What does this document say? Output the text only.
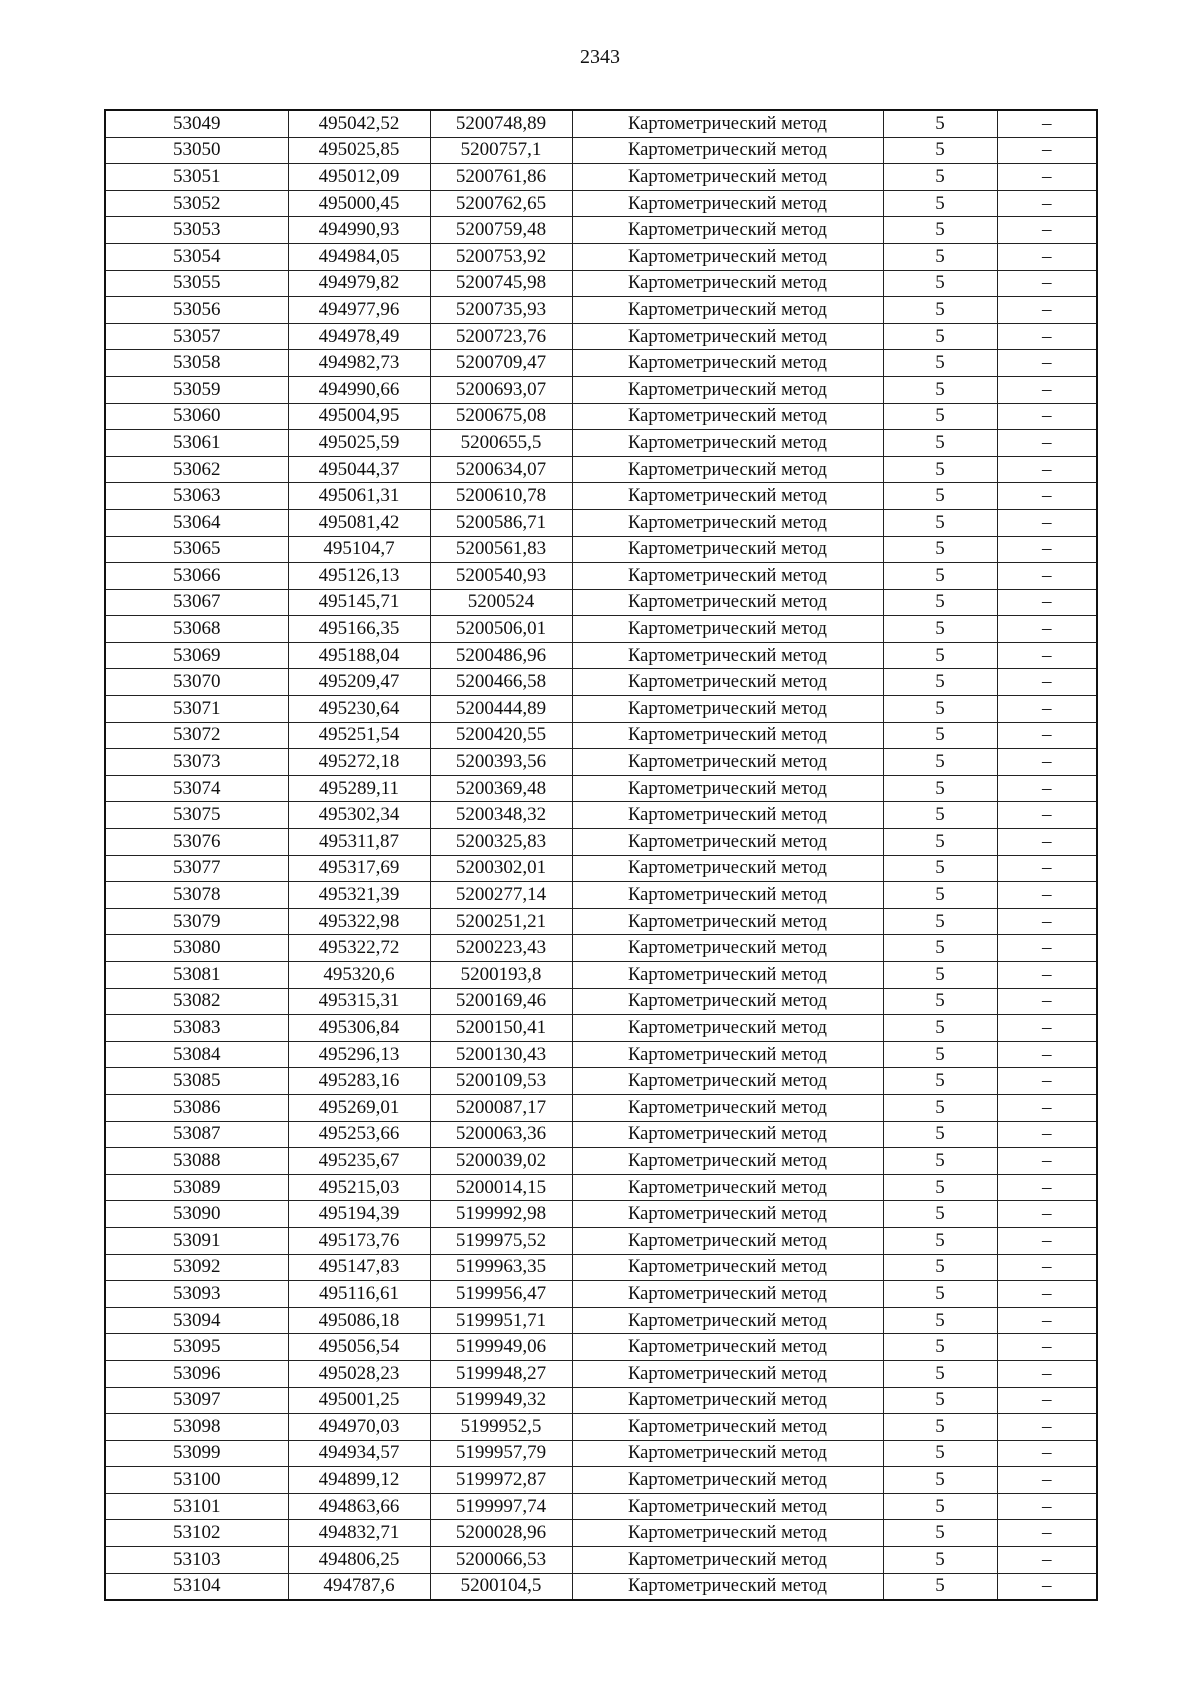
2343
53049	495042,52	5200748,89	Картометрический метод	5	–
53050	495025,85	5200757,1	Картометрический метод	5	–
53051	495012,09	5200761,86	Картометрический метод	5	–
53052	495000,45	5200762,65	Картометрический метод	5	–
53053	494990,93	5200759,48	Картометрический метод	5	–
53054	494984,05	5200753,92	Картометрический метод	5	–
53055	494979,82	5200745,98	Картометрический метод	5	–
53056	494977,96	5200735,93	Картометрический метод	5	–
53057	494978,49	5200723,76	Картометрический метод	5	–
53058	494982,73	5200709,47	Картометрический метод	5	–
53059	494990,66	5200693,07	Картометрический метод	5	–
53060	495004,95	5200675,08	Картометрический метод	5	–
53061	495025,59	5200655,5	Картометрический метод	5	–
53062	495044,37	5200634,07	Картометрический метод	5	–
53063	495061,31	5200610,78	Картометрический метод	5	–
53064	495081,42	5200586,71	Картометрический метод	5	–
53065	495104,7	5200561,83	Картометрический метод	5	–
53066	495126,13	5200540,93	Картометрический метод	5	–
53067	495145,71	5200524	Картометрический метод	5	–
53068	495166,35	5200506,01	Картометрический метод	5	–
53069	495188,04	5200486,96	Картометрический метод	5	–
53070	495209,47	5200466,58	Картометрический метод	5	–
53071	495230,64	5200444,89	Картометрический метод	5	–
53072	495251,54	5200420,55	Картометрический метод	5	–
53073	495272,18	5200393,56	Картометрический метод	5	–
53074	495289,11	5200369,48	Картометрический метод	5	–
53075	495302,34	5200348,32	Картометрический метод	5	–
53076	495311,87	5200325,83	Картометрический метод	5	–
53077	495317,69	5200302,01	Картометрический метод	5	–
53078	495321,39	5200277,14	Картометрический метод	5	–
53079	495322,98	5200251,21	Картометрический метод	5	–
53080	495322,72	5200223,43	Картометрический метод	5	–
53081	495320,6	5200193,8	Картометрический метод	5	–
53082	495315,31	5200169,46	Картометрический метод	5	–
53083	495306,84	5200150,41	Картометрический метод	5	–
53084	495296,13	5200130,43	Картометрический метод	5	–
53085	495283,16	5200109,53	Картометрический метод	5	–
53086	495269,01	5200087,17	Картометрический метод	5	–
53087	495253,66	5200063,36	Картометрический метод	5	–
53088	495235,67	5200039,02	Картометрический метод	5	–
53089	495215,03	5200014,15	Картометрический метод	5	–
53090	495194,39	5199992,98	Картометрический метод	5	–
53091	495173,76	5199975,52	Картометрический метод	5	–
53092	495147,83	5199963,35	Картометрический метод	5	–
53093	495116,61	5199956,47	Картометрический метод	5	–
53094	495086,18	5199951,71	Картометрический метод	5	–
53095	495056,54	5199949,06	Картометрический метод	5	–
53096	495028,23	5199948,27	Картометрический метод	5	–
53097	495001,25	5199949,32	Картометрический метод	5	–
53098	494970,03	5199952,5	Картометрический метод	5	–
53099	494934,57	5199957,79	Картометрический метод	5	–
53100	494899,12	5199972,87	Картометрический метод	5	–
53101	494863,66	5199997,74	Картометрический метод	5	–
53102	494832,71	5200028,96	Картометрический метод	5	–
53103	494806,25	5200066,53	Картометрический метод	5	–
53104	494787,6	5200104,5	Картометрический метод	5	–
